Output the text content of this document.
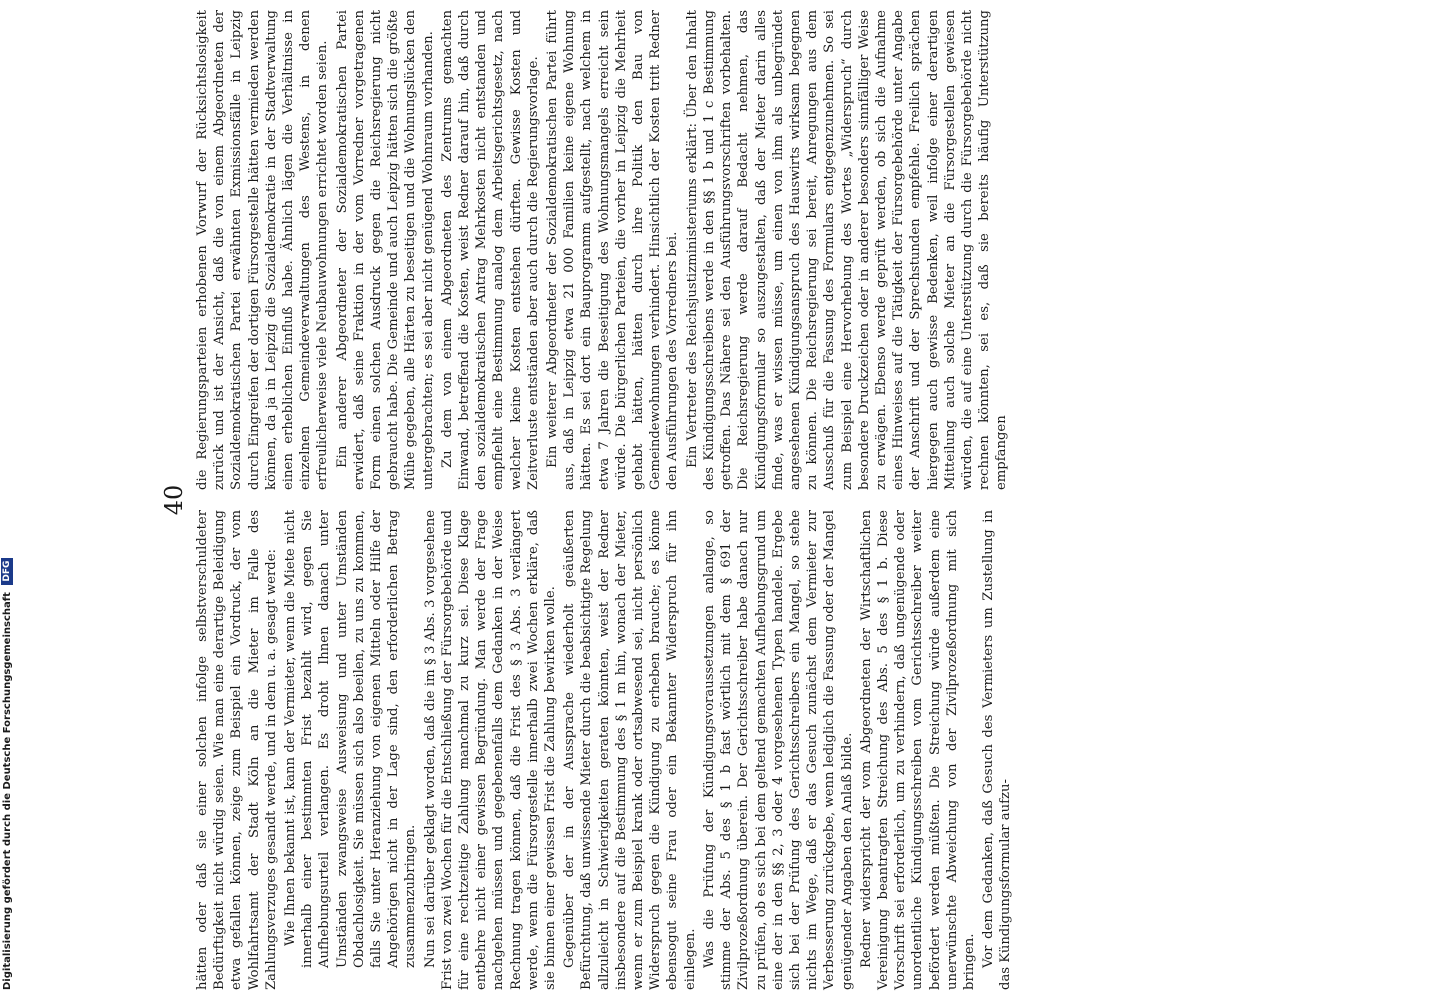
40

hätten oder daß sie einer solchen infolge selbstverschuldeter Bedürftigkeit nicht würdig seien. Wie man eine derartige Beleidigung etwa gefallen können, zeige zum Beispiel ein Vordruck, der vom Wohlfahrtsamt der Stadt Köln an die Mieter im Falle des Zahlungsverzuges gesandt werde, und in dem u. a. gesagt werde: Wie Ihnen bekannt ist, kann der Vermieter, wenn die Miete nicht innerhalb einer bestimmten Frist bezahlt wird, gegen Sie Aufhebungsurteil verlangen. Es droht Ihnen danach unter Umständen zwangsweise Ausweisung und unter Umständen Obdachlosigkeit. Sie müssen sich also beeilen, zu uns zu kommen, falls Sie unter Heranziehung von eigenen Mitteln oder Hilfe der Angehörigen nicht in der Lage sind, den erforderlichen Betrag zusammenzubringen. Nun sei darüber geklagt worden, daß die im § 3 Abs. 3 vorgesehene Frist von zwei Wochen für die Entschließung der Fürsorgebehörde und für eine rechtzeitige Zahlung manchmal zu kurz sei. Diese Klage entbehre nicht einer gewissen Begründung. Man werde der Frage nachgehen müssen und gegebenenfalls dem Gedanken in der Weise Rechnung tragen können, daß die Frist des § 3 Abs. 3 verlängert werde, wenn die Fürsorgestelle innerhalb zwei Wochen erkläre, daß sie binnen einer gewissen Frist die Zahlung bewirken wolle. Gegenüber der in der Aussprache wiederholt geäußerten Befürchtung, daß unwissende Mieter durch die beabsichtigte Regelung allzuleicht in Schwierigkeiten geraten könnten, weist der Redner insbesondere auf die Bestimmung des § 1 m hin, wonach der Mieter, wenn er zum Beispiel krank oder ortsabwesend sei, nicht persönlich Widerspruch gegen die Kündigung zu erheben brauche; es könne ebensogut seine Frau oder ein Bekannter Widerspruch für ihn einlegen. Was die Prüfung der Kündigungsvoraussetzungen anlange, so stimme der Abs. 5 des § 1 b fast wörtlich mit dem § 691 der Zivilprozeßordnung überein. Der Gerichtsschreiber habe danach nur zu prüfen, ob es sich bei dem geltend gemachten Aufhebungsgrund um eine der in den §§ 2, 3 oder 4 vorgesehenen Typen handele. Ergebe sich bei der Prüfung des Gerichtsschreibers ein Mangel, so stehe nichts im Wege, daß er das Gesuch zunächst dem Vermieter zur Verbesserung zurückgebe, wenn lediglich die Fassung oder der Mangel genügender Angaben den Anlaß bilde. Redner widerspricht der vom Abgeordneten der Wirtschaftlichen Vereinigung beantragten Streichung des Abs. 5 des § 1 b. Diese Vorschrift sei erforderlich, um zu verhindern, daß ungenügende oder unordentliche Kündigungsschreiben vom Gerichtsschreiber weiter befördert werden müßten. Die Streichung würde außerdem eine unerwünschte Abweichung von der Zivilprozeßordnung mit sich bringen. Vor dem Gedanken, daß Gesuch des Vermieters um Zustellung in das Kündigungsformular aufzu-

die Regierungsparteien erhobenen Vorwurf der Rücksichtslosigkeit zurück und ist der Ansicht, daß die von einem Abgeordneten der Sozialdemokratischen Partei erwähnten Exmissionsfälle in Leipzig durch Eingreifen der dortigen Fürsorgestelle hätten vermieden werden können, da ja in Leipzig die Sozialdemokratie in der Stadtverwaltung einen erheblichen Einfluß habe. Ähnlich lägen die Verhältnisse in einzelnen Gemeindeverwaltungen des Westens, in denen erfreulicherweise viele Neubauwohnungen errichtet worden seien. Ein anderer Abgeordneter der Sozialdemokratischen Partei erwidert, daß seine Fraktion in der vom Vorredner vorgetragenen Form einen solchen Ausdruck gegen die Reichsregierung nicht gebraucht habe. Die Gemeinde und auch Leipzig hätten sich die größte Mühe gegeben, alle Härten zu beseitigen und die Wohnungslücken den untergebrachten; es sei aber nicht genügend Wohnraum vorhanden. Zu dem von einem Abgeordneten des Zentrums gemachten Einwand, betreffend die Kosten, weist Redner darauf hin, daß durch den sozialdemokratischen Antrag Mehrkosten nicht entstanden und empfiehlt eine Bestimmung analog dem Arbeitsgerichtsgesetz, nach welcher keine Kosten entstehen dürften. Gewisse Kosten und Zeitverluste entständen aber auch durch die Regierungsvorlage. Ein weiterer Abgeordneter der Sozialdemokratischen Partei führt aus, daß in Leipzig etwa 21 000 Familien keine eigene Wohnung hätten. Es sei dort ein Bauprogramm aufgestellt, nach welchem in etwa 7 Jahren die Beseitigung des Wohnungsmangels erreicht sein würde. Die bürgerlichen Parteien, die vorher in Leipzig die Mehrheit gehabt hätten, hätten durch ihre Politik den Bau von Gemeindewohnungen verhindert. Hinsichtlich der Kosten tritt Redner den Ausführungen des Vorredners bei. Ein Vertreter des Reichsjustizministeriums erklärt: Über den Inhalt des Kündigungsschreibens werde in den §§ 1 b und 1 c Bestimmung getroffen. Das Nähere sei den Ausführungsvorschriften vorbehalten. Die Reichsregierung werde darauf Bedacht nehmen, das Kündigungsformular so auszugestalten, daß der Mieter darin alles finde, was er wissen müsse, um einen von ihm als unbegründet angesehenen Kündigungsanspruch des Hauswirts wirksam begegnen zu können. Die Reichsregierung sei bereit, Anregungen aus dem Ausschuß für die Fassung des Formulars entgegenzunehmen. So sei zum Beispiel eine Hervorhebung des Wortes „Widerspruch“ durch besondere Druckzeichen oder in anderer besonders sinnfälliger Weise zu erwägen. Ebenso werde geprüft werden, ob sich die Aufnahme eines Hinweises auf die Tätigkeit der Fürsorgebehörde unter Angabe der Anschrift und der Sprechstunden empfehle. Freilich sprächen hiergegen auch gewisse Bedenken, weil infolge einer derartigen Mitteilung auch solche Mieter an die Fürsorgestellen gewiesen würden, die auf eine Unterstützung durch die Fürsorgebehörde nicht rechnen könnten, sei es, daß sie bereits häufig Unterstützung empfangen

Digitalisierung gefördert durch die Deutsche Forschungsgemeinschaft DFG
